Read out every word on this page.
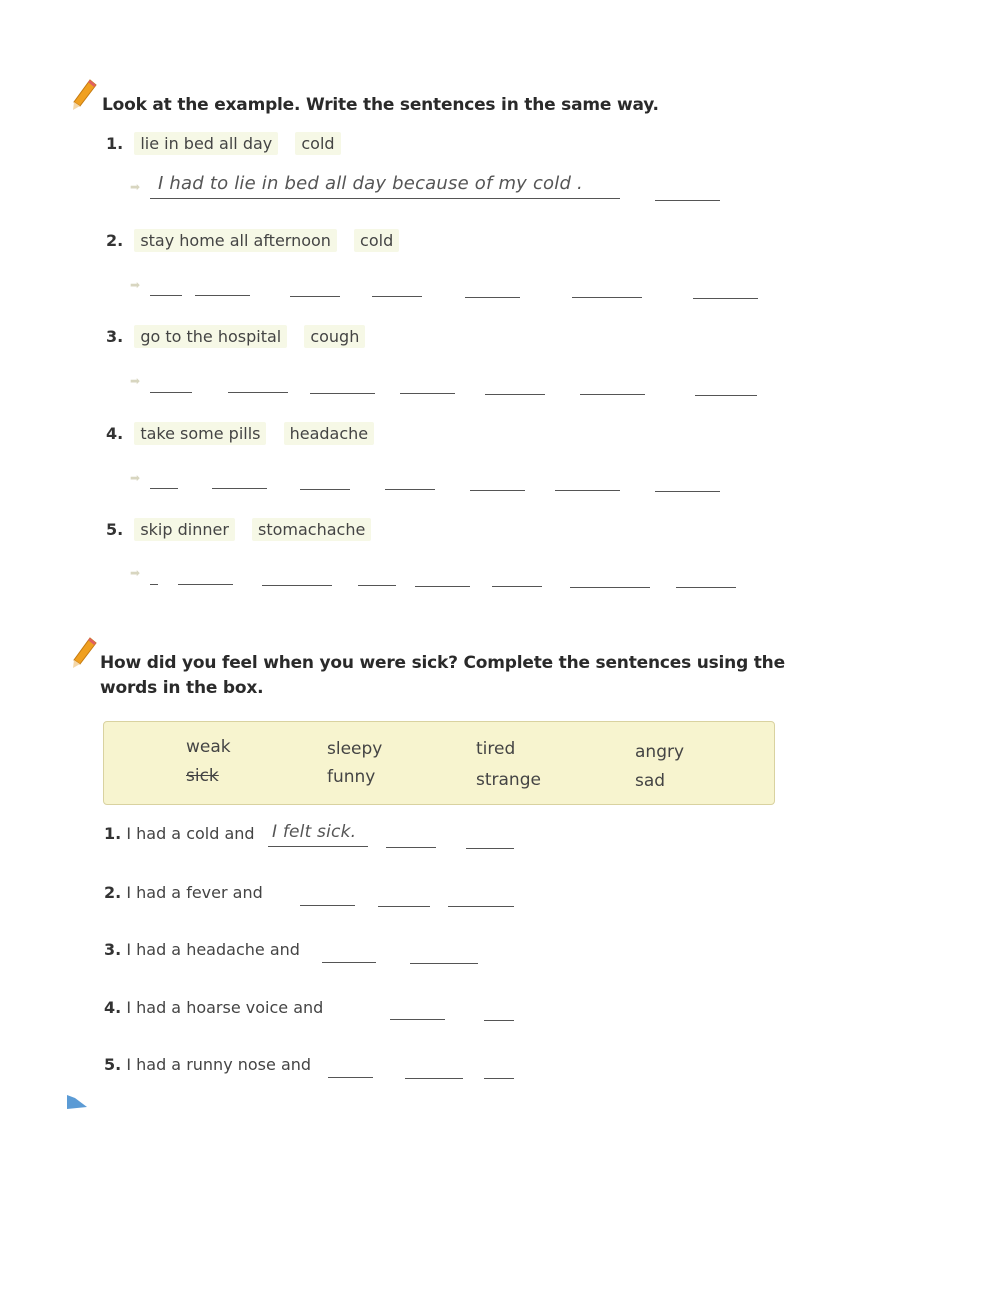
Look at the example. Write the sentences in the same way.
1. lie in bed all day cold
➡ I had to lie in bed all day because of my cold .
2. stay home all afternoon cold
➡
3. go to the hospital cough
➡
4. take some pills headache
➡
5. skip dinner stomachache
➡
How did you feel when you were sick? Complete the sentences using the
words in the box.
weak	sleepy	tired	angry
sick	funny	strange	sad
1. I had a cold and I felt sick.
2. I had a fever and
3. I had a headache and
4. I had a hoarse voice and
5. I had a runny nose and
